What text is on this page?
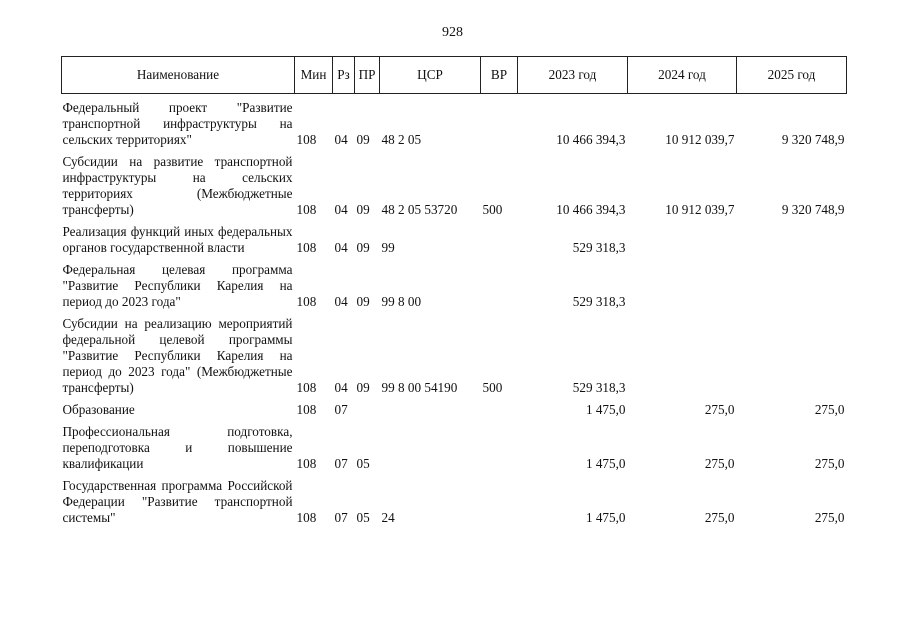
928
Наименование	Мин	Рз	ПР	ЦСР	ВР	2023 год	2024 год	2025 год

Федеральный проект "Развитие транспортной инфраструктуры на сельских территориях"	108	04	09	48 2 05		10 466 394,3	10 912 039,7	9 320 748,9

Субсидии на развитие транспортной инфраструктуры на сельских территориях (Межбюджетные трансферты)	108	04	09	48 2 05 53720	500	10 466 394,3	10 912 039,7	9 320 748,9

Реализация функций иных федеральных органов государственной власти	108	04	09	99		529 318,3		

Федеральная целевая программа "Развитие Республики Карелия на период до 2023 года"	108	04	09	99 8 00		529 318,3		

Субсидии на реализацию мероприятий федеральной целевой программы "Развитие Республики Карелия на период до 2023 года" (Межбюджетные трансферты)	108	04	09	99 8 00 54190	500	529 318,3		

Образование	108	07				1 475,0	275,0	275,0

Профессиональная подготовка, переподготовка и повышение квалификации	108	07	05			1 475,0	275,0	275,0

Государственная программа Российской Федерации "Развитие транспортной системы"	108	07	05	24		1 475,0	275,0	275,0
